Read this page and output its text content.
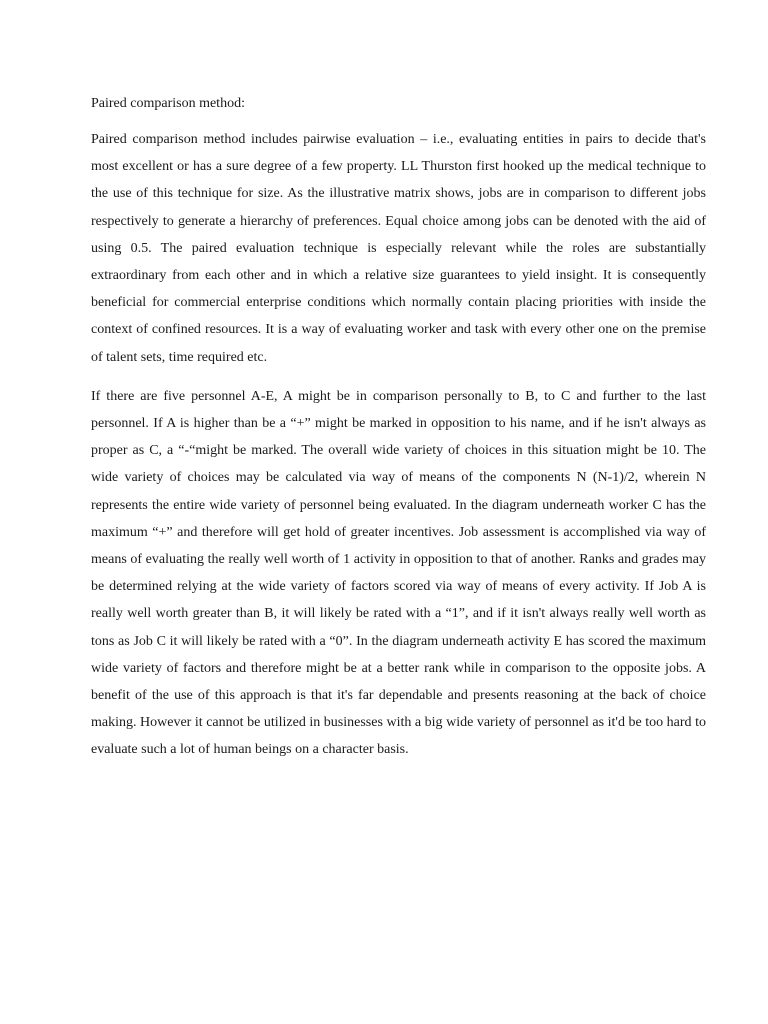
Paired comparison method:

Paired comparison method includes pairwise evaluation – i.e., evaluating entities in pairs to decide that's most excellent or has a sure degree of a few property. LL Thurston first hooked up the medical technique to the use of this technique for size. As the illustrative matrix shows, jobs are in comparison to different jobs respectively to generate a hierarchy of preferences. Equal choice among jobs can be denoted with the aid of using 0.5. The paired evaluation technique is especially relevant while the roles are substantially extraordinary from each other and in which a relative size guarantees to yield insight. It is consequently beneficial for commercial enterprise conditions which normally contain placing priorities with inside the context of confined resources. It is a way of evaluating worker and task with every other one on the premise of talent sets, time required etc.

If there are five personnel A-E, A might be in comparison personally to B, to C and further to the last personnel. If A is higher than be a “+” might be marked in opposition to his name, and if he isn't always as proper as C, a “-“might be marked. The overall wide variety of choices in this situation might be 10. The wide variety of choices may be calculated via way of means of the components N (N-1)/2, wherein N represents the entire wide variety of personnel being evaluated. In the diagram underneath worker C has the maximum “+” and therefore will get hold of greater incentives. Job assessment is accomplished via way of means of evaluating the really well worth of 1 activity in opposition to that of another. Ranks and grades may be determined relying at the wide variety of factors scored via way of means of every activity. If Job A is really well worth greater than B, it will likely be rated with a “1”, and if it isn't always really well worth as tons as Job C it will likely be rated with a “0”. In the diagram underneath activity E has scored the maximum wide variety of factors and therefore might be at a better rank while in comparison to the opposite jobs. A benefit of the use of this approach is that it's far dependable and presents reasoning at the back of choice making. However it cannot be utilized in businesses with a big wide variety of personnel as it'd be too hard to evaluate such a lot of human beings on a character basis.
